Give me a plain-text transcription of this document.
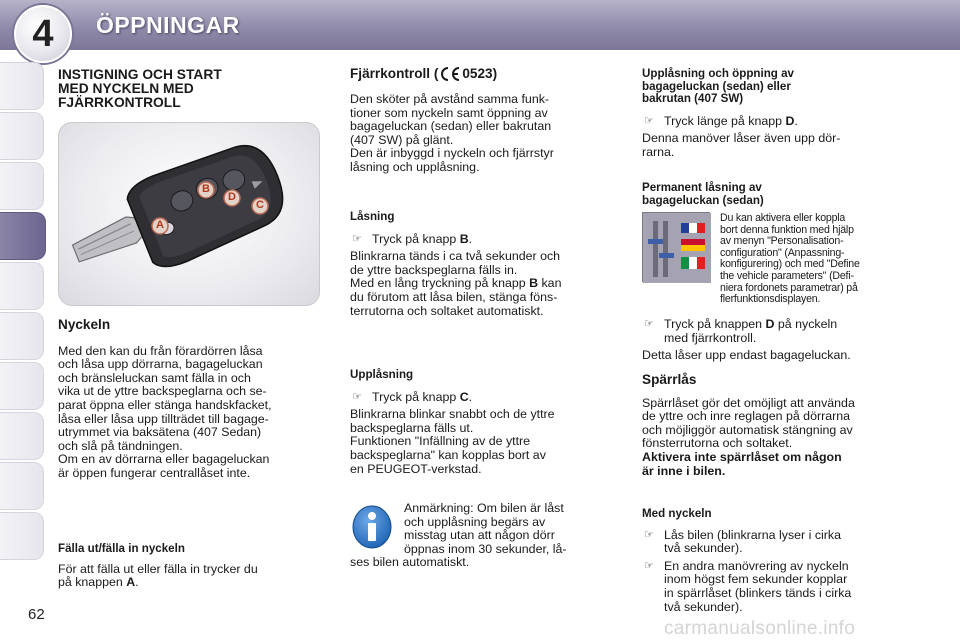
4 ÖPPNINGAR
INSTIGNING OCH START
MED NYCKELN MED
FJÄRRKONTROLL
B
D
C
A
Nyckeln
Med den kan du från förardörren låsa
och låsa upp dörrarna, bagageluckan
och bränsleluckan samt fälla in och
vika ut de yttre backspeglarna och se-
parat öppna eller stänga handskfacket,
låsa eller låsa upp tillträdet till bagage-
utrymmet via baksätena (407 Sedan)
och slå på tändningen.
Om en av dörrarna eller bagageluckan
är öppen fungerar centrallåset inte.
Fälla ut/fälla in nyckeln
För att fälla ut eller fälla in trycker du
på knappen A.
Fjärrkontroll ( 0523)
Den sköter på avstånd samma funk-
tioner som nyckeln samt öppning av
bagageluckan (sedan) eller bakrutan
(407 SW) på glänt.
Den är inbyggd i nyckeln och fjärrstyr
låsning och upplåsning.
Låsning
☞ Tryck på knapp B.
Blinkrarna tänds i ca två sekunder och
de yttre backspeglarna fälls in.
Med en lång tryckning på knapp B kan
du förutom att låsa bilen, stänga föns-
terrutorna och soltaket automatiskt.
Upplåsning
☞ Tryck på knapp C.
Blinkrarna blinkar snabbt och de yttre
backspeglarna fälls ut.
Funktionen "Infällning av de yttre
backspeglarna" kan kopplas bort av
en PEUGEOT-verkstad.
Anmärkning: Om bilen är låst
och upplåsning begärs av
misstag utan att någon dörr
öppnas inom 30 sekunder, lå-
ses bilen automatiskt.
Upplåsning och öppning av
bagageluckan (sedan) eller
bakrutan (407 SW)
☞ Tryck länge på knapp D.
Denna manöver låser även upp dör-
rarna.
Permanent låsning av
bagageluckan (sedan)
Du kan aktivera eller koppla
bort denna funktion med hjälp
av menyn "Personalisation-
configuration" (Anpassning-
konfigurering) och med "Define
the vehicle parameters" (Defi-
niera fordonets parametrar) på
flerfunktionsdisplayen.
☞ Tryck på knappen D på nyckeln
med fjärrkontroll.
Detta låser upp endast bagageluckan.
Spärrlås
Spärrlåset gör det omöjligt att använda
de yttre och inre reglagen på dörrarna
och möjliggör automatisk stängning av
fönsterrutorna och soltaket.
Aktivera inte spärrlåset om någon
är inne i bilen.
Med nyckeln
☞ Lås bilen (blinkrarna lyser i cirka
två sekunder).
☞ En andra manövrering av nyckeln
inom högst fem sekunder kopplar
in spärrlåset (blinkers tänds i cirka
två sekunder).
62
carmanualsonline.info
